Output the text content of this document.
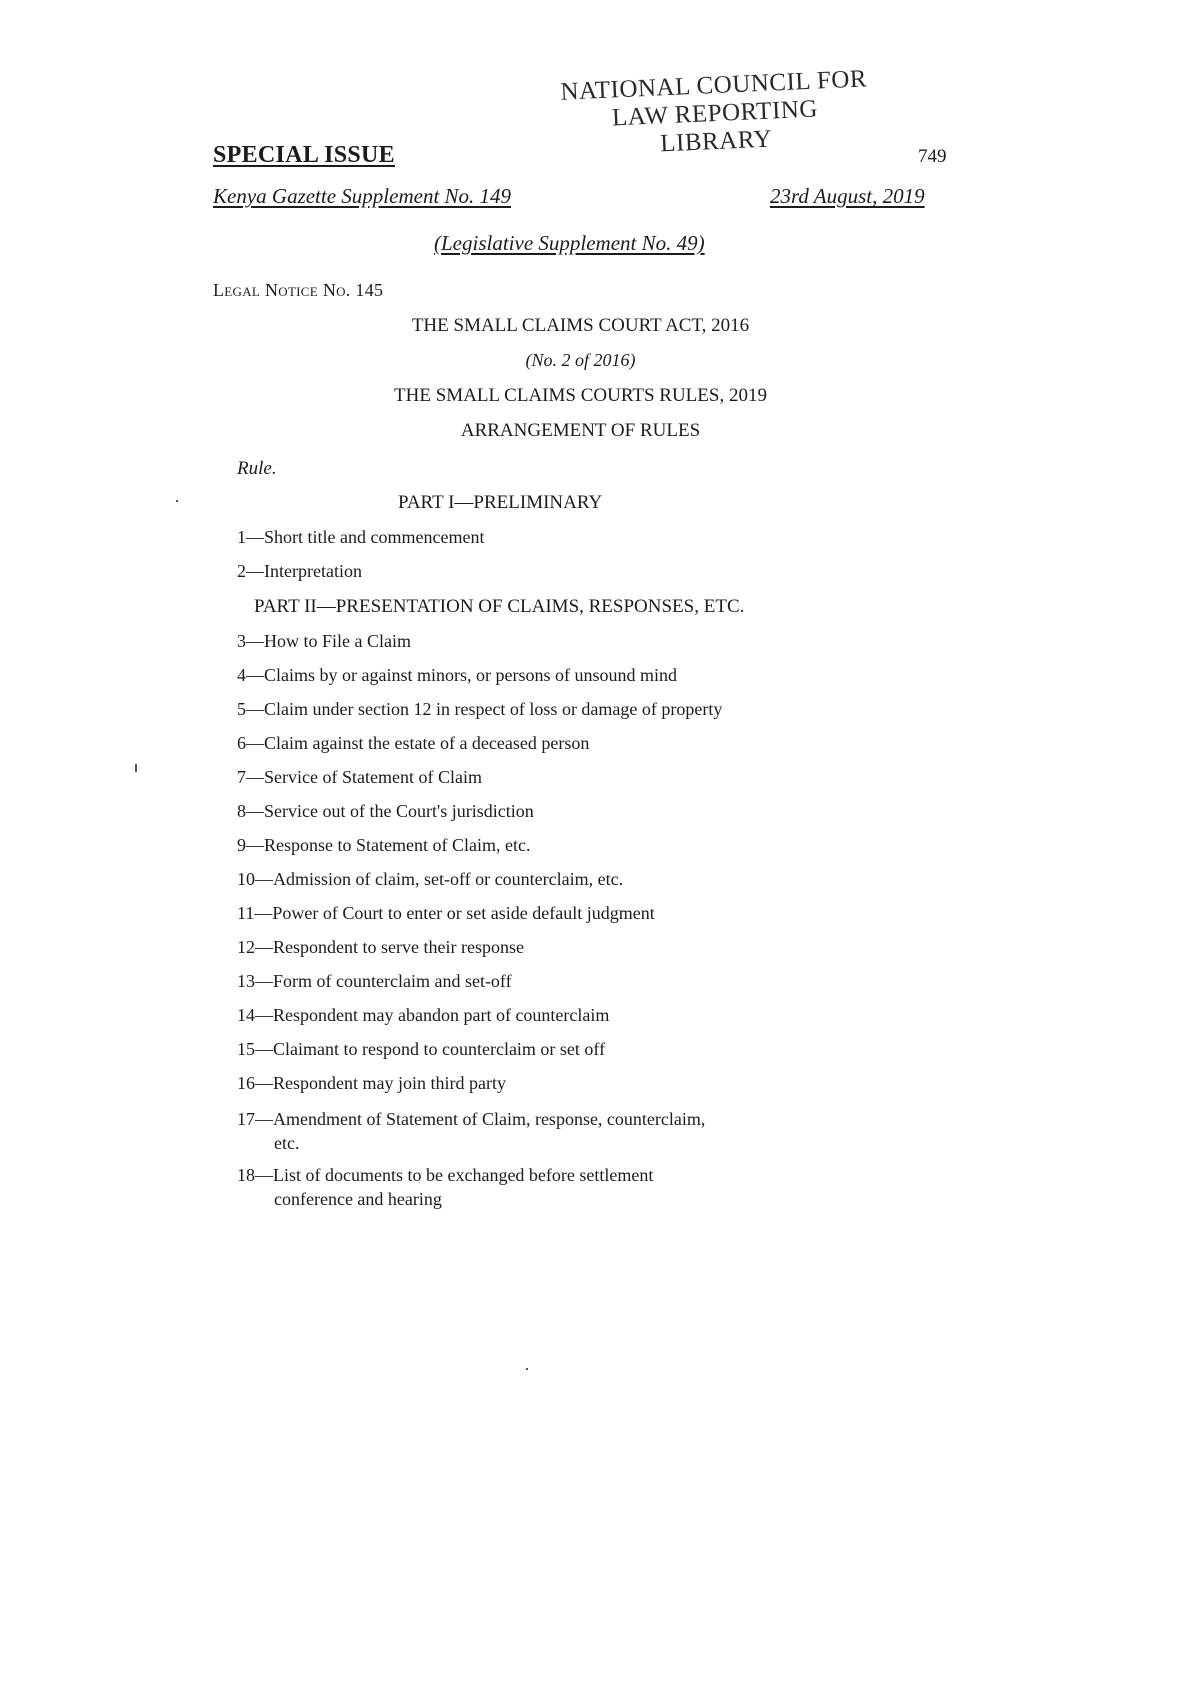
NATIONAL COUNCIL FOR
LAW REPORTING
LIBRARY
SPECIAL ISSUE	749
Kenya Gazette Supplement No. 149	23rd August, 2019
(Legislative Supplement No. 49)
Legal Notice No. 145
THE SMALL CLAIMS COURT ACT, 2016
(No. 2 of 2016)
THE SMALL CLAIMS COURTS RULES, 2019
ARRANGEMENT OF RULES
Rule.
PART I—PRELIMINARY
PART II—PRESENTATION OF CLAIMS, RESPONSES, ETC.
1—Short title and commencement
2—Interpretation
3—How to File a Claim
4—Claims by or against minors, or persons of unsound mind
5—Claim under section 12 in respect of loss or damage of property
6—Claim against the estate of a deceased person
7—Service of Statement of Claim
8—Service out of the Court's jurisdiction
9—Response to Statement of Claim, etc.
10—Admission of claim, set-off or counterclaim, etc.
11—Power of Court to enter or set aside default judgment
12—Respondent to serve their response
13—Form of counterclaim and set-off
14—Respondent may abandon part of counterclaim
15—Claimant to respond to counterclaim or set off
16—Respondent may join third party
17—Amendment of Statement of Claim, response, counterclaim,
etc.
18—List of documents to be exchanged before settlement
conference and hearing
